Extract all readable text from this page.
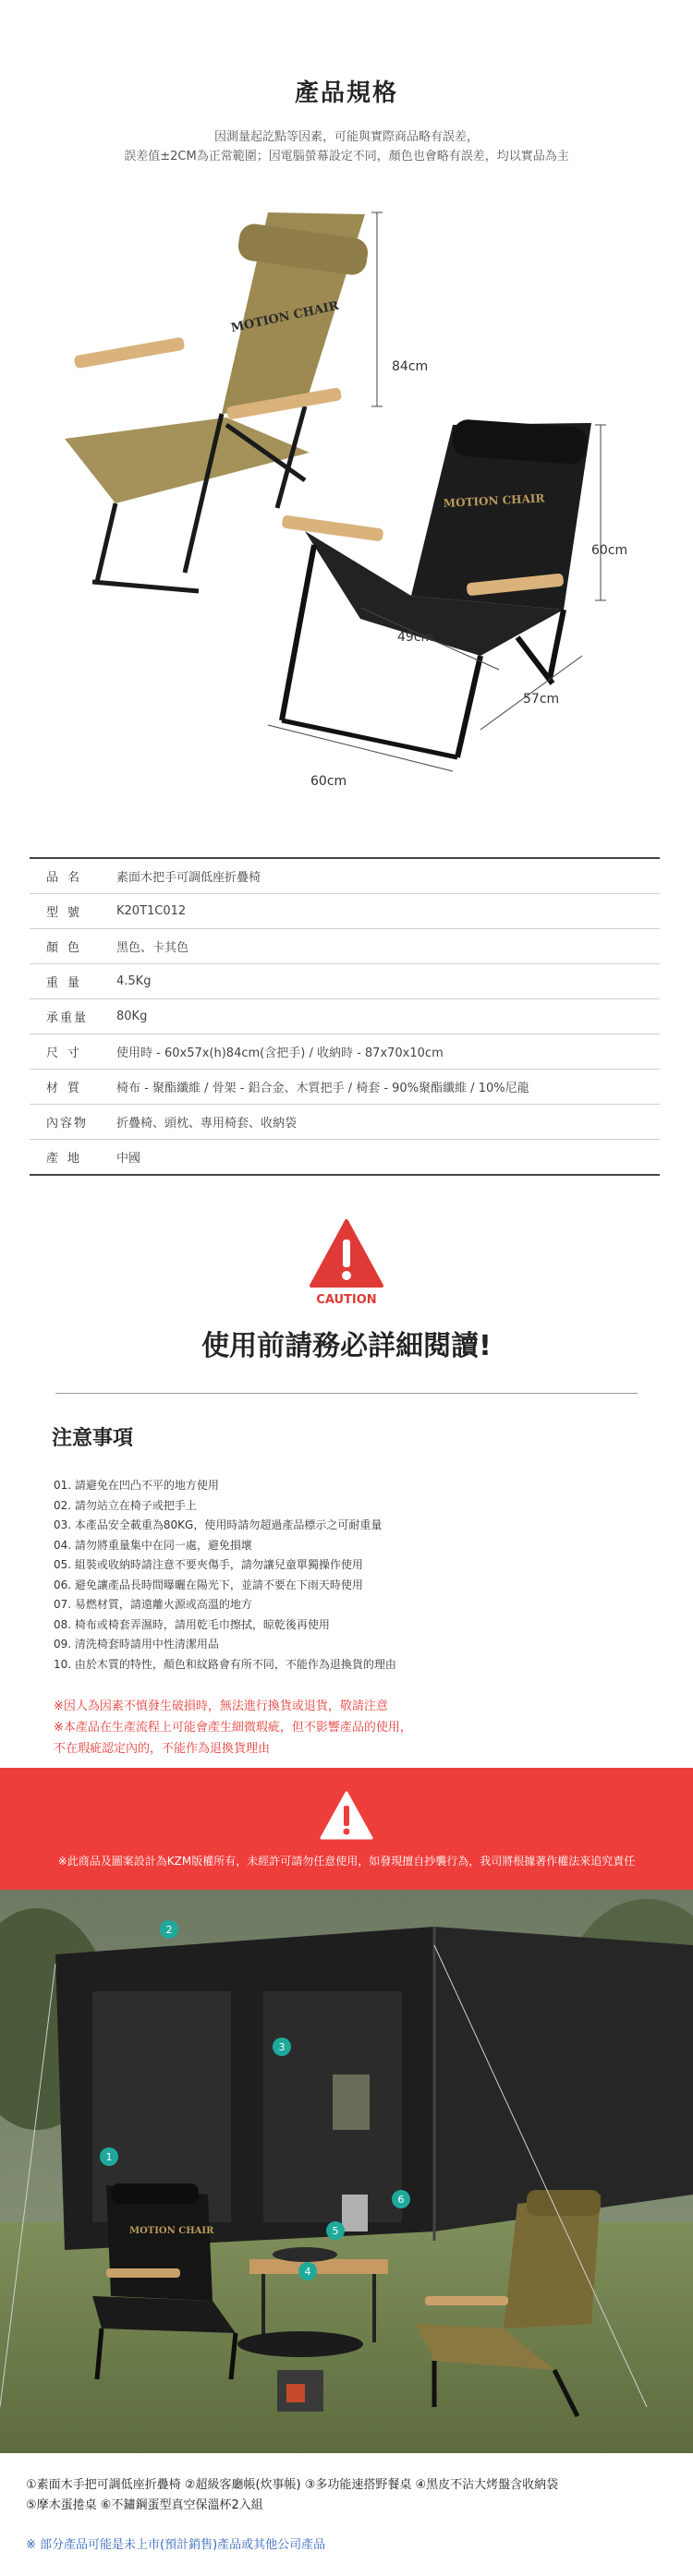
產品規格
因測量起訖點等因素，可能與實際商品略有誤差，
誤差值±2CM為正常範圍；因電腦螢幕設定不同，顏色也會略有誤差，均以實品為主
MOTION CHAIR
MOTION CHAIR
84cm
60cm
49cm
57cm
60cm
品名	素面木把手可調低座折疊椅
型號	K20T1C012
顏色	黑色、卡其色
重量	4.5Kg
承重量	80Kg
尺寸	使用時 - 60x57x(h)84cm(含把手) / 收納時 - 87x70x10cm
材質	椅布 - 聚酯纖維 / 骨架 - 鋁合金、木質把手 / 椅套 - 90%聚酯纖維 / 10%尼龍
內容物	折疊椅、頭枕、專用椅套、收納袋
產地	中國
CAUTION
使用前請務必詳細閱讀!
注意事項
01. 請避免在凹凸不平的地方使用
02. 請勿站立在椅子或把手上
03. 本產品安全載重為80KG，使用時請勿超過產品標示之可耐重量
04. 請勿將重量集中在同一處，避免損壞
05. 組裝或收納時請注意不要夾傷手，請勿讓兒童單獨操作使用
06. 避免讓產品長時間曝曬在陽光下，並請不要在下雨天時使用
07. 易燃材質，請遠離火源或高溫的地方
08. 椅布或椅套弄濕時，請用乾毛巾擦拭，晾乾後再使用
09. 清洗椅套時請用中性清潔用品
10. 由於木質的特性，顏色和紋路會有所不同，不能作為退換貨的理由
※因人為因素不慎發生破損時，無法進行換貨或退貨，敬請注意
※本產品在生產流程上可能會產生細微瑕疵，但不影響產品的使用，
不在瑕疵認定內的，不能作為退換貨理由
※此商品及圖案設計為KZM版權所有，未經許可請勿任意使用，如發現擅自抄襲行為，我司將根據著作權法來追究責任
MOTION CHAIR
1
2
3
4
5
6
①素面木手把可調低座折疊椅 ②超級客廳帳(炊事帳) ③多功能速搭野餐桌 ④黑皮不沾大烤盤含收納袋
⑤摩木蛋捲桌 ⑥不鏽鋼蛋型真空保溫杯2入組
※ 部分產品可能是未上市(預計銷售)產品或其他公司產品
